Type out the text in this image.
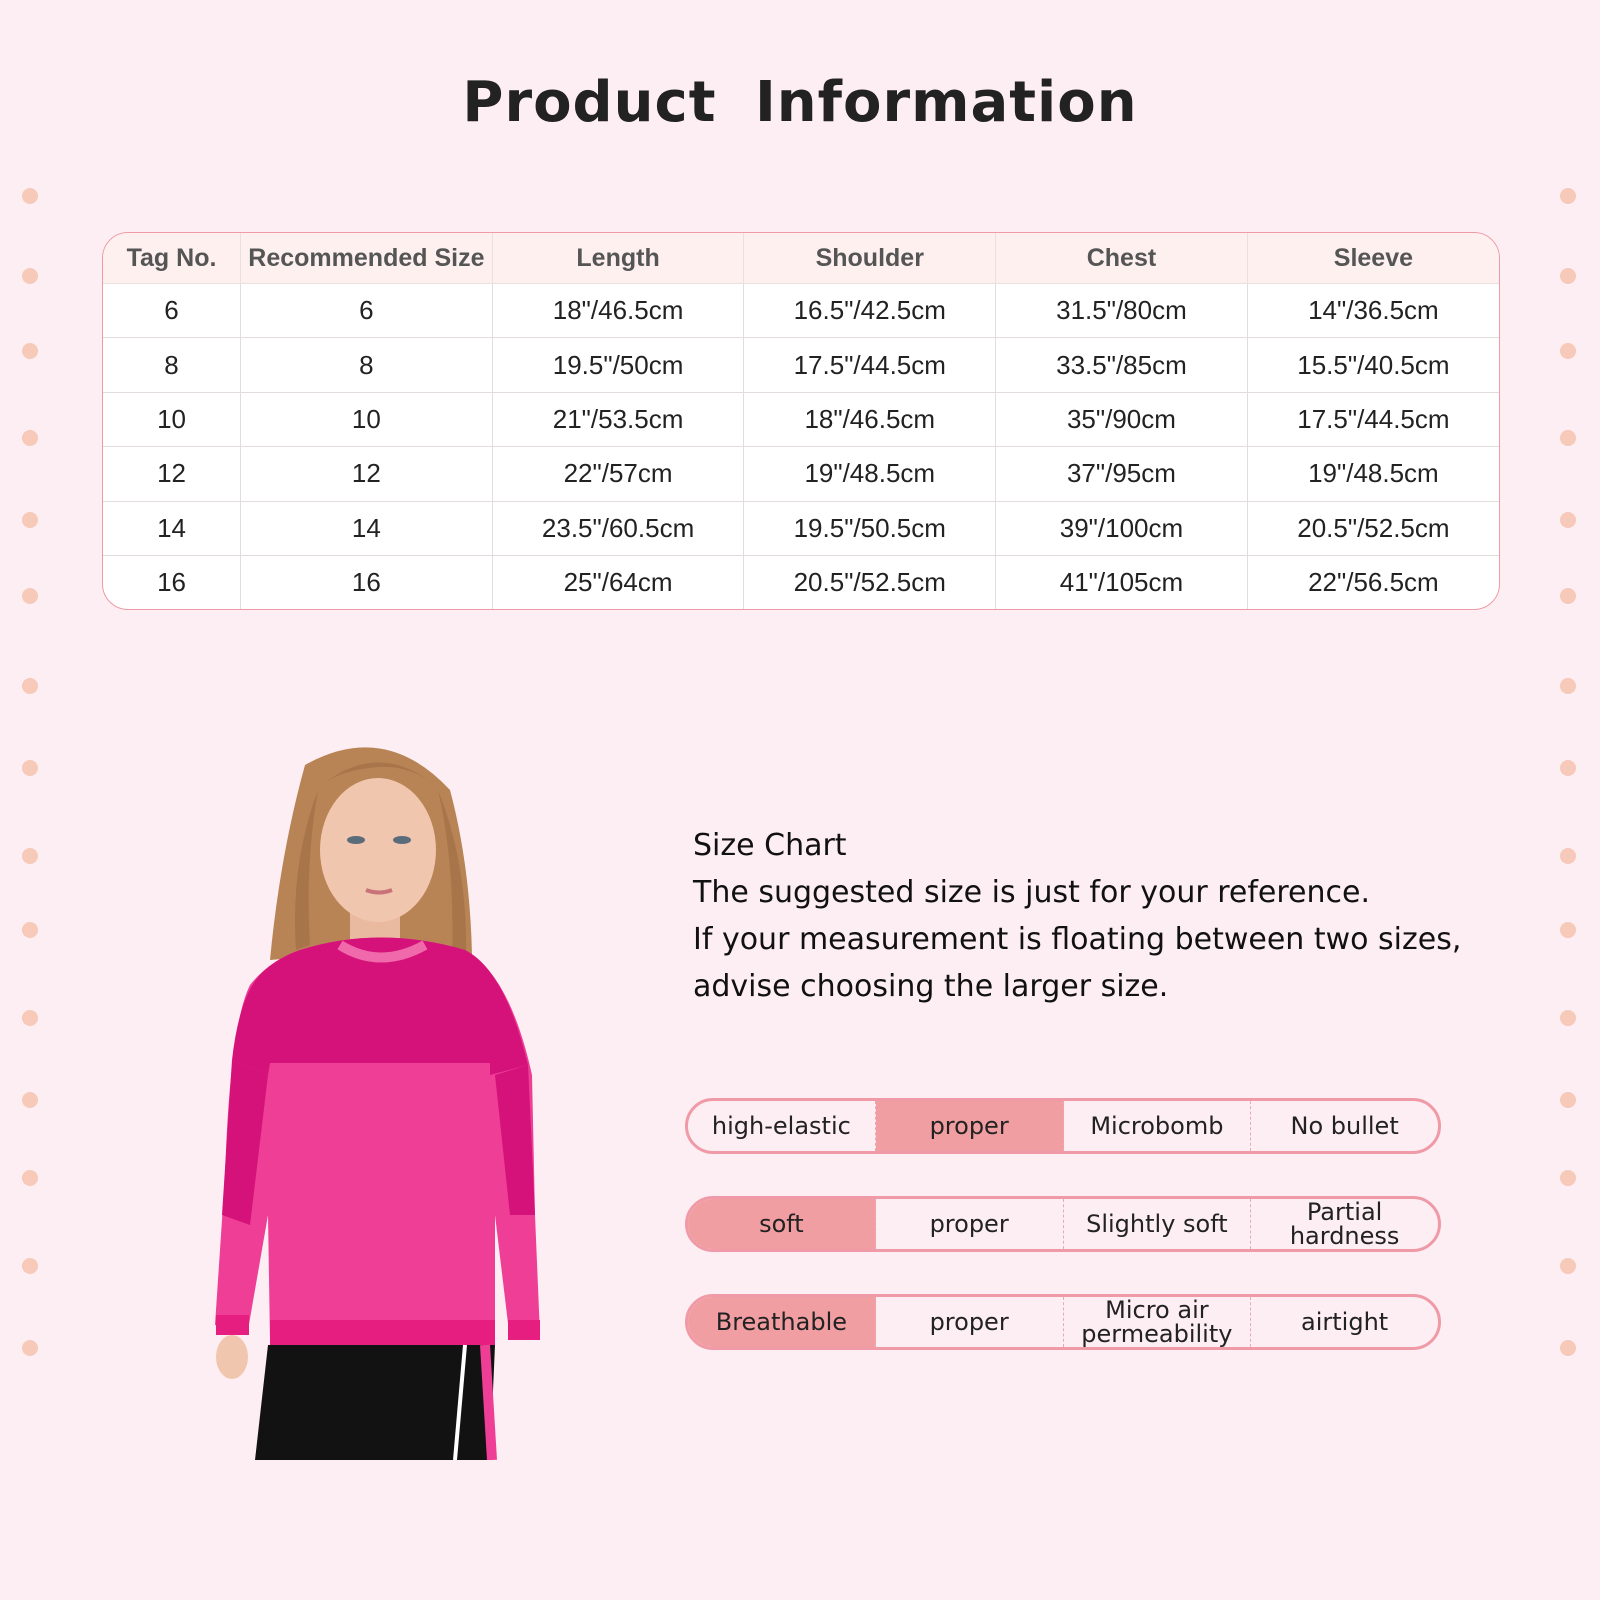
Product Information
Tag No.	Recommended Size	Length	Shoulder	Chest	Sleeve
6	6	18"/46.5cm	16.5"/42.5cm	31.5"/80cm	14"/36.5cm
8	8	19.5"/50cm	17.5"/44.5cm	33.5"/85cm	15.5"/40.5cm
10	10	21"/53.5cm	18"/46.5cm	35"/90cm	17.5"/44.5cm
12	12	22"/57cm	19"/48.5cm	37"/95cm	19"/48.5cm
14	14	23.5"/60.5cm	19.5"/50.5cm	39"/100cm	20.5"/52.5cm
16	16	25"/64cm	20.5"/52.5cm	41"/105cm	22"/56.5cm
Size Chart
The suggested size is just for your reference.
If your measurement is floating between two sizes,
advise choosing the larger size.
high-elastic	proper	Microbomb	No bullet
soft	proper	Slightly soft	Partial hardness
Breathable	proper	Micro air permeability	airtight
